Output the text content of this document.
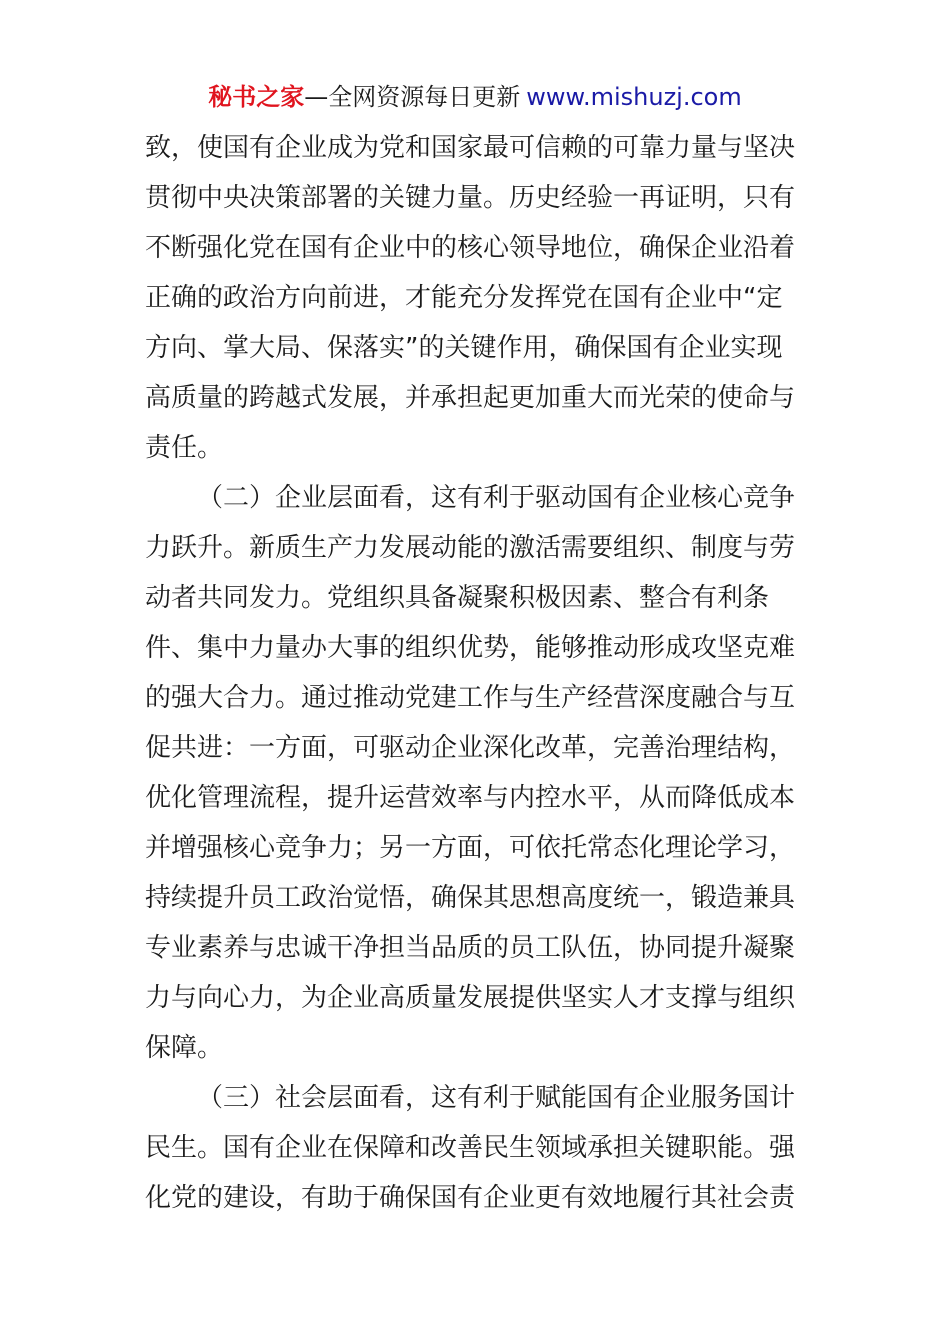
秘书之家—全网资源每日更新 www.mishuzj.com
致，使国有企业成为党和国家最可信赖的可靠力量与坚决
贯彻中央决策部署的关键力量。历史经验一再证明，只有
不断强化党在国有企业中的核心领导地位，确保企业沿着
正确的政治方向前进，才能充分发挥党在国有企业中“定
方向、掌大局、保落实”的关键作用，确保国有企业实现
高质量的跨越式发展，并承担起更加重大而光荣的使命与
责任。
（二）企业层面看，这有利于驱动国有企业核心竞争
力跃升。新质生产力发展动能的激活需要组织、制度与劳
动者共同发力。党组织具备凝聚积极因素、整合有利条
件、集中力量办大事的组织优势，能够推动形成攻坚克难
的强大合力。通过推动党建工作与生产经营深度融合与互
促共进：一方面，可驱动企业深化改革，完善治理结构，
优化管理流程，提升运营效率与内控水平，从而降低成本
并增强核心竞争力；另一方面，可依托常态化理论学习，
持续提升员工政治觉悟，确保其思想高度统一，锻造兼具
专业素养与忠诚干净担当品质的员工队伍，协同提升凝聚
力与向心力，为企业高质量发展提供坚实人才支撑与组织
保障。
（三）社会层面看，这有利于赋能国有企业服务国计
民生。国有企业在保障和改善民生领域承担关键职能。强
化党的建设，有助于确保国有企业更有效地履行其社会责
